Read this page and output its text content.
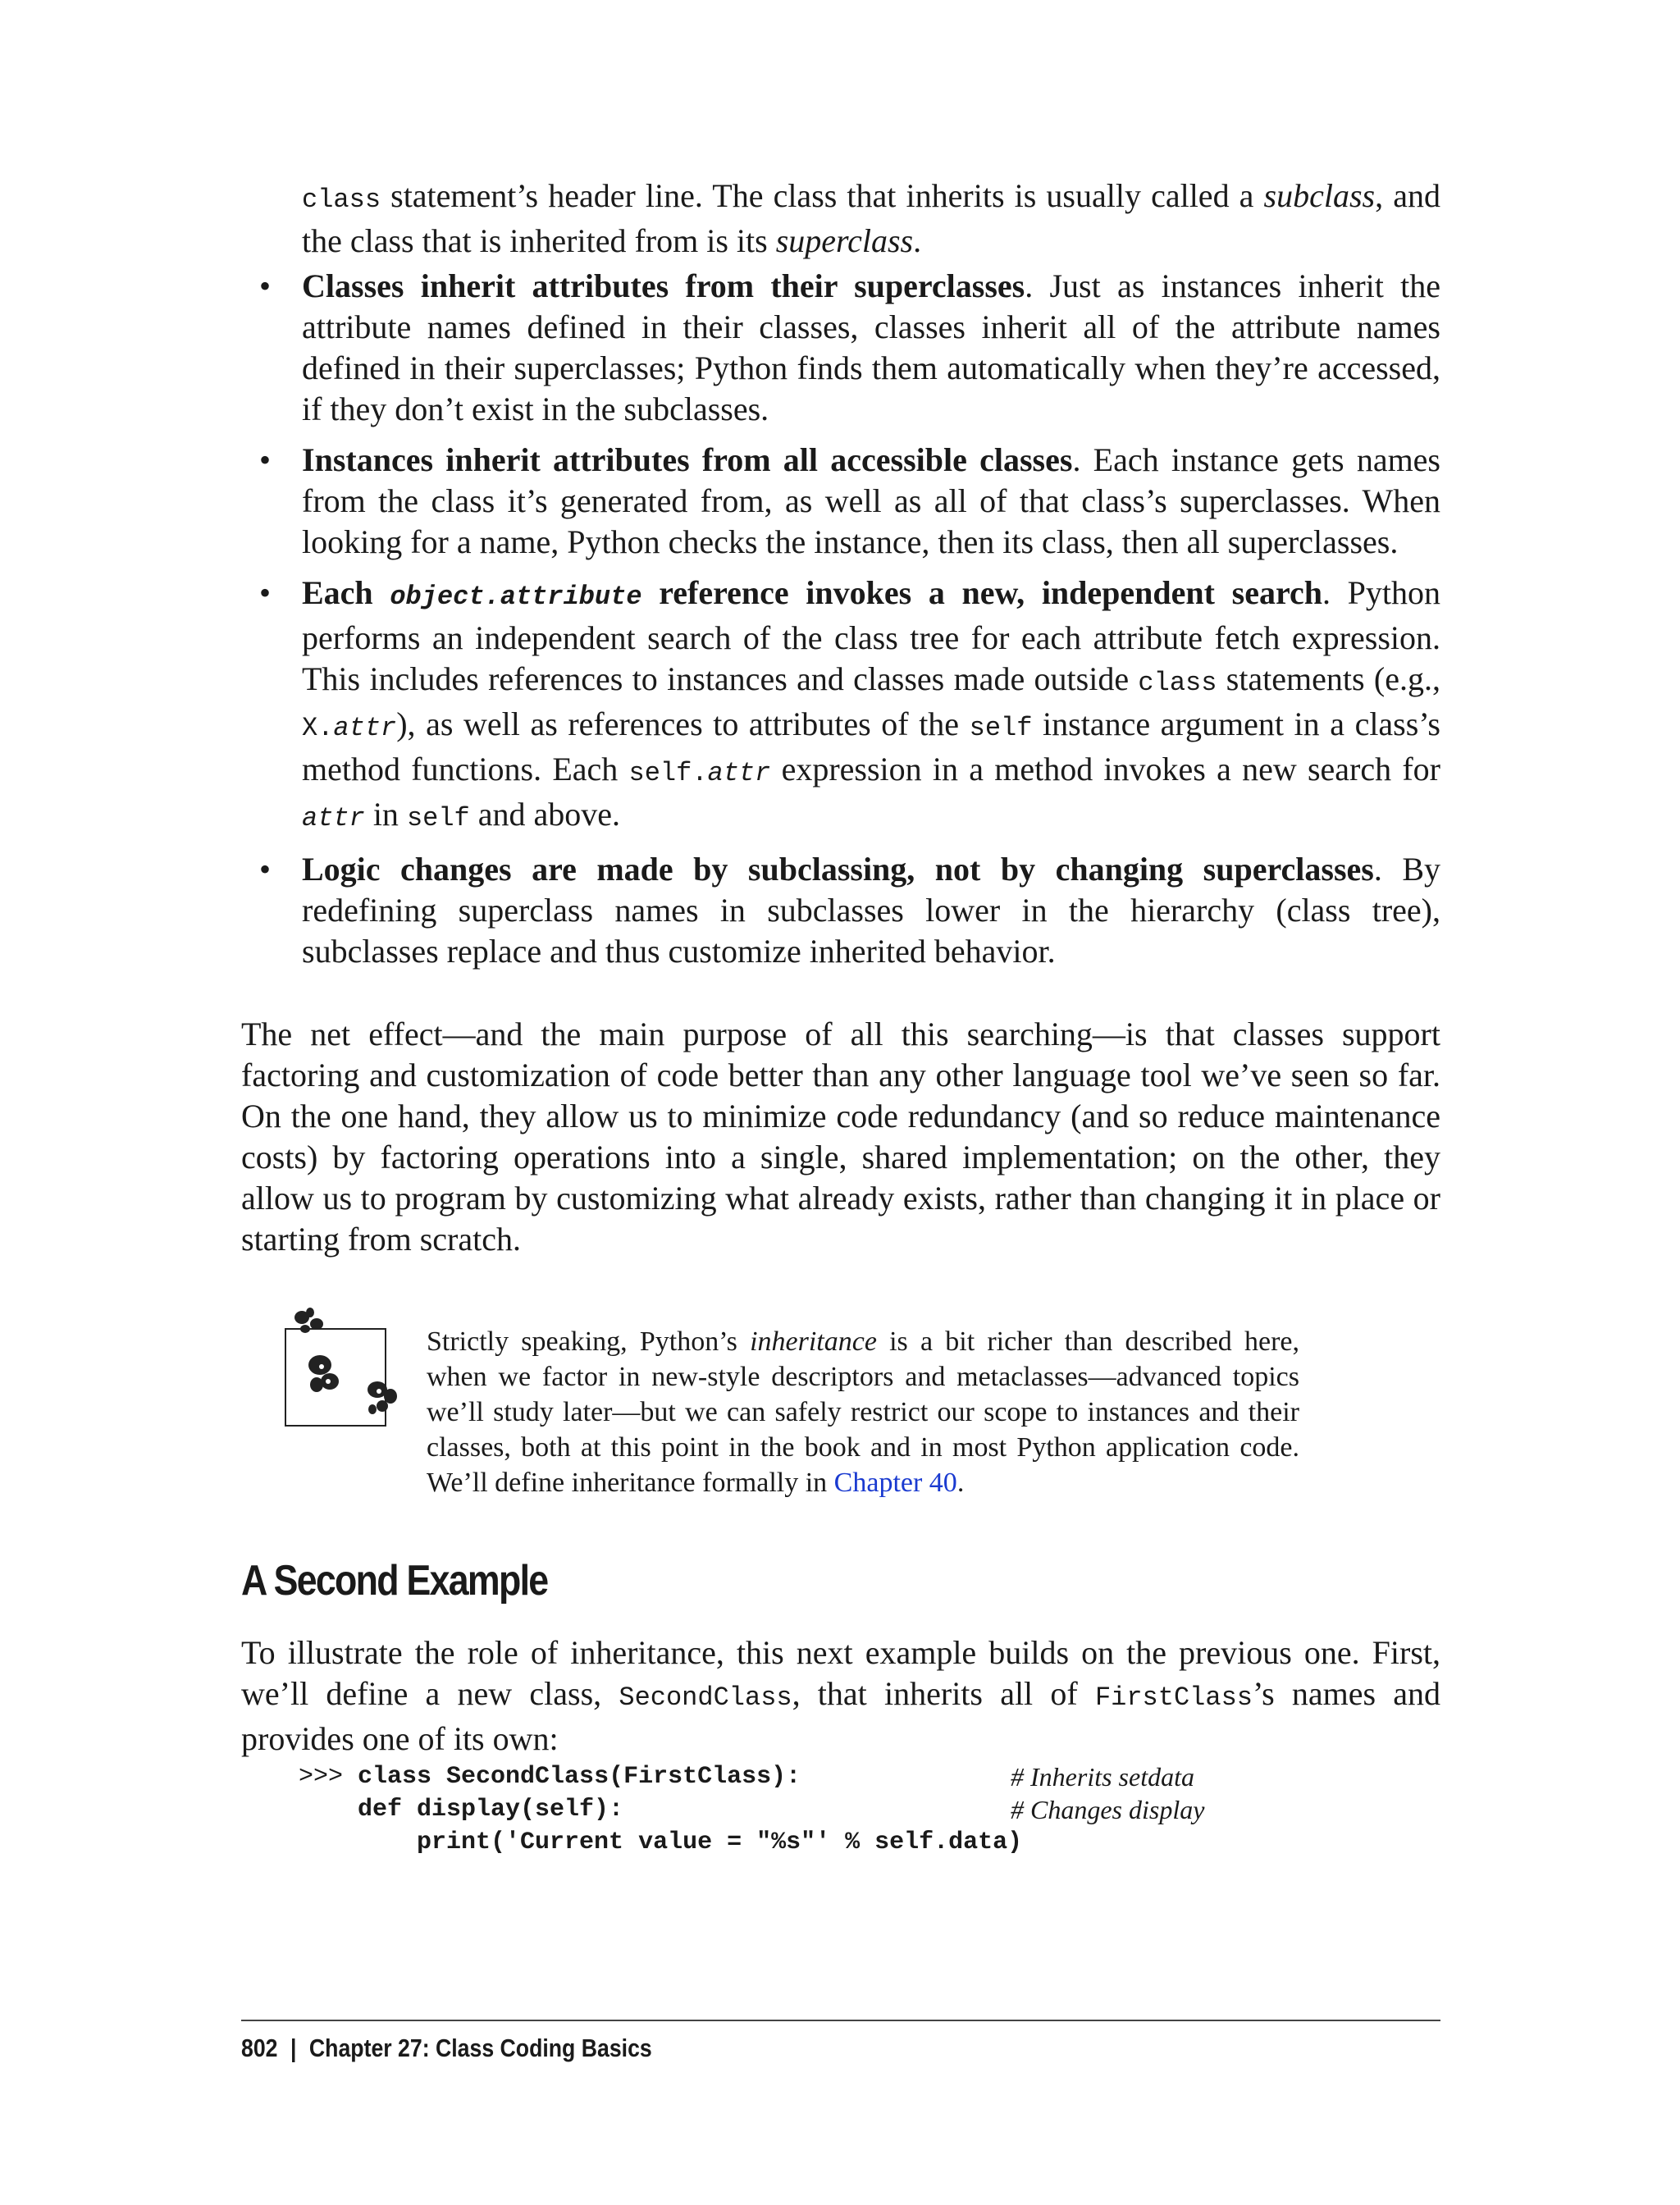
class statement’s header line. The class that inherits is usually called a subclass, and the class that is inherited from is its superclass.
• Classes inherit attributes from their superclasses. Just as instances inherit the attribute names defined in their classes, classes inherit all of the attribute names defined in their superclasses; Python finds them automatically when they’re accessed, if they don’t exist in the subclasses.
• Instances inherit attributes from all accessible classes. Each instance gets names from the class it’s generated from, as well as all of that class’s superclasses. When looking for a name, Python checks the instance, then its class, then all superclasses.
• Each object.attribute reference invokes a new, independent search. Python performs an independent search of the class tree for each attribute fetch expression. This includes references to instances and classes made outside class statements (e.g., X.attr), as well as references to attributes of the self instance argument in a class’s method functions. Each self.attr expression in a method invokes a new search for attr in self and above.
• Logic changes are made by subclassing, not by changing superclasses. By redefining superclass names in subclasses lower in the hierarchy (class tree), subclasses replace and thus customize inherited behavior.
The net effect—and the main purpose of all this searching—is that classes support factoring and customization of code better than any other language tool we’ve seen so far. On the one hand, they allow us to minimize code redundancy (and so reduce maintenance costs) by factoring operations into a single, shared implementation; on the other, they allow us to program by customizing what already exists, rather than changing it in place or starting from scratch.
Strictly speaking, Python’s inheritance is a bit richer than described here, when we factor in new-style descriptors and metaclasses—advanced topics we’ll study later—but we can safely restrict our scope to instances and their classes, both at this point in the book and in most Python application code. We’ll define inheritance formally in Chapter 40.
A Second Example
To illustrate the role of inheritance, this next example builds on the previous one. First, we’ll define a new class, SecondClass, that inherits all of FirstClass’s names and provides one of its own:
>>> class SecondClass(FirstClass):
def display(self):
print('Current value = "%s"' % self.data)
# Inherits setdata
# Changes display
802 | Chapter 27: Class Coding Basics
